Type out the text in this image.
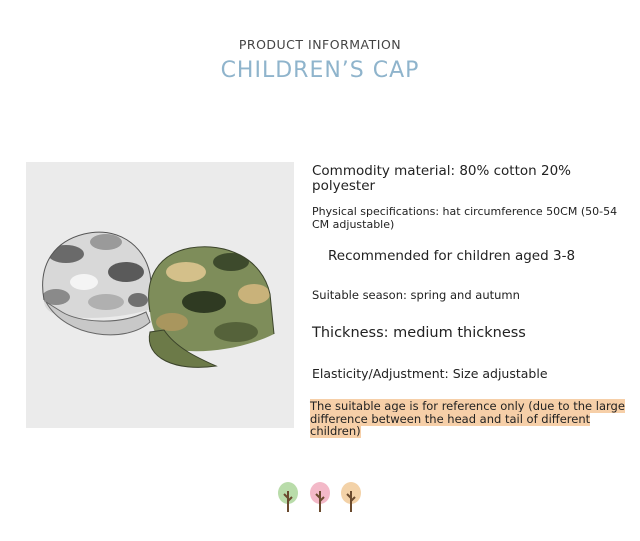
PRODUCT INFORMATION
CHILDREN’S CAP
Commodity material: 80% cotton 20% polyester
Physical specifications: hat circumference 50CM (50-54 CM adjustable)
Recommended for children aged 3-8
Suitable season: spring and autumn
Thickness: medium thickness
Elasticity/Adjustment: Size adjustable
The suitable age is for reference only (due to the large difference between the head and tail of different children)
